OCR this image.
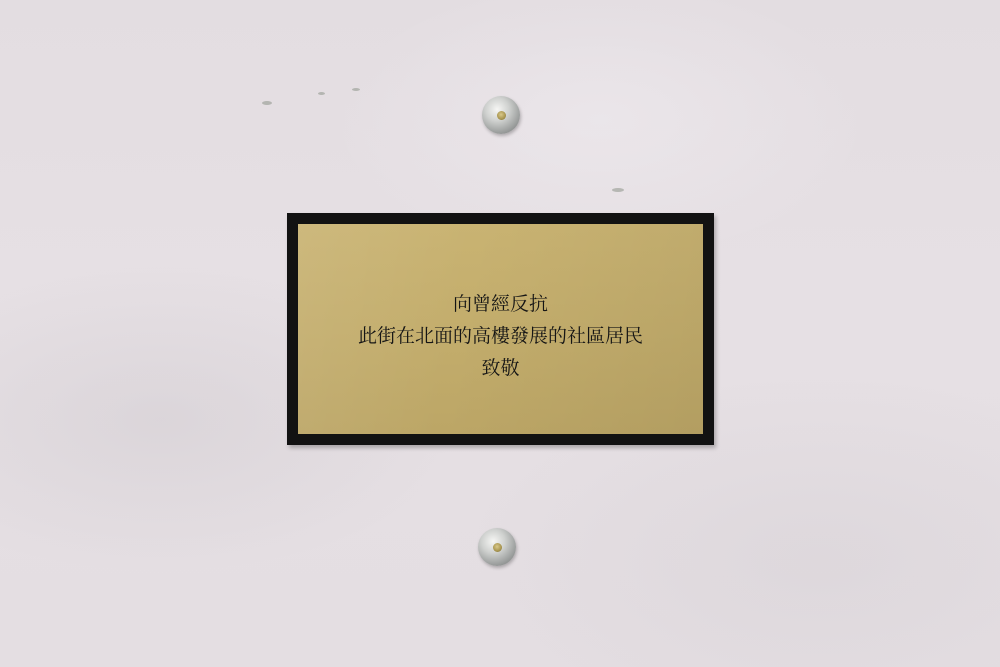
向曾經反抗
此街在北面的高樓發展的社區居民
致敬
